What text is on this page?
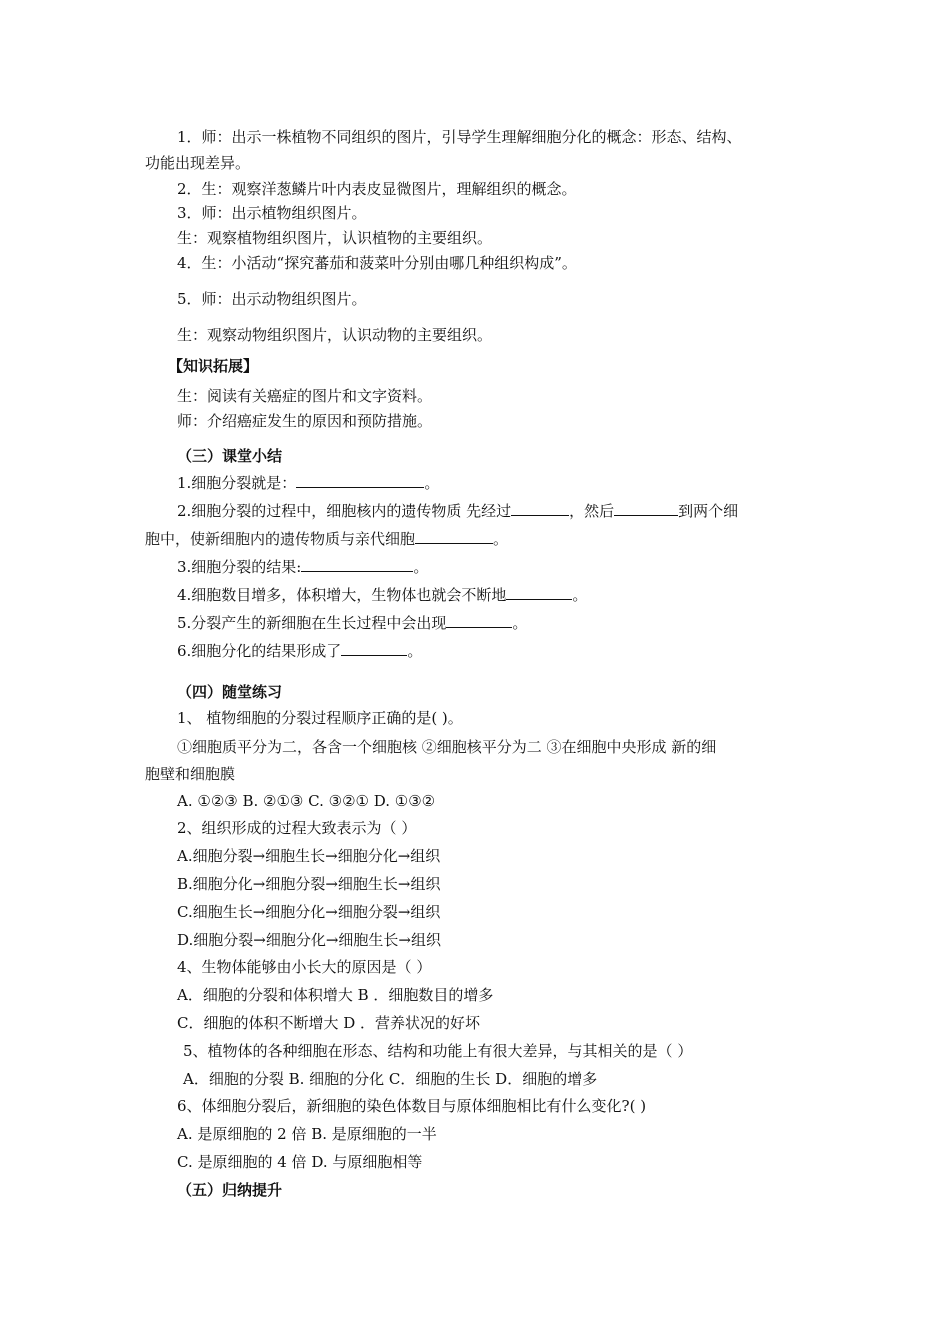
1．师：出示一株植物不同组织的图片，引导学生理解细胞分化的概念：形态、结构、
功能出现差异。
2．生：观察洋葱鳞片叶内表皮显微图片，理解组织的概念。
3．师：出示植物组织图片。
生：观察植物组织图片，认识植物的主要组织。
4．生：小活动“探究蕃茄和菠菜叶分别由哪几种组织构成”。
5．师：出示动物组织图片。
生：观察动物组织图片，认识动物的主要组织。
【知识拓展】
生：阅读有关癌症的图片和文字资料。
师：介绍癌症发生的原因和预防措施。
（三）课堂小结
1.细胞分裂就是：	。
2.细胞分裂的过程中，细胞核内的遗传物质 先经过	，然后	到两个细
胞中，使新细胞内的遗传物质与亲代细胞	。
3.细胞分裂的结果:	。
4.细胞数目增多，体积增大，生物体也就会不断地	。
5.分裂产生的新细胞在生长过程中会出现	。
6.细胞分化的结果形成了	。
（四）随堂练习
1、 植物细胞的分裂过程顺序正确的是( )。
①细胞质平分为二，各含一个细胞核 ②细胞核平分为二 ③在细胞中央形成 新的细
胞壁和细胞膜
A. ①②③ B. ②①③ C. ③②① D. ①③②
2、组织形成的过程大致表示为（ ）
A.细胞分裂→细胞生长→细胞分化→组织
B.细胞分化→细胞分裂→细胞生长→组织
C.细胞生长→细胞分化→细胞分裂→组织
D.细胞分裂→细胞分化→细胞生长→组织
4、生物体能够由小长大的原因是（ ）
A．细胞的分裂和体积增大 B ．细胞数目的增多
C．细胞的体积不断增大 D ．营养状况的好坏
5、植物体的各种细胞在形态、结构和功能上有很大差异，与其相关的是（ ）
A．细胞的分裂 B. 细胞的分化 C．细胞的生长 D．细胞的增多
6、体细胞分裂后，新细胞的染色体数目与原体细胞相比有什么变化?( )
A. 是原细胞的 2 倍 B. 是原细胞的一半
C. 是原细胞的 4 倍 D. 与原细胞相等
（五）归纳提升
